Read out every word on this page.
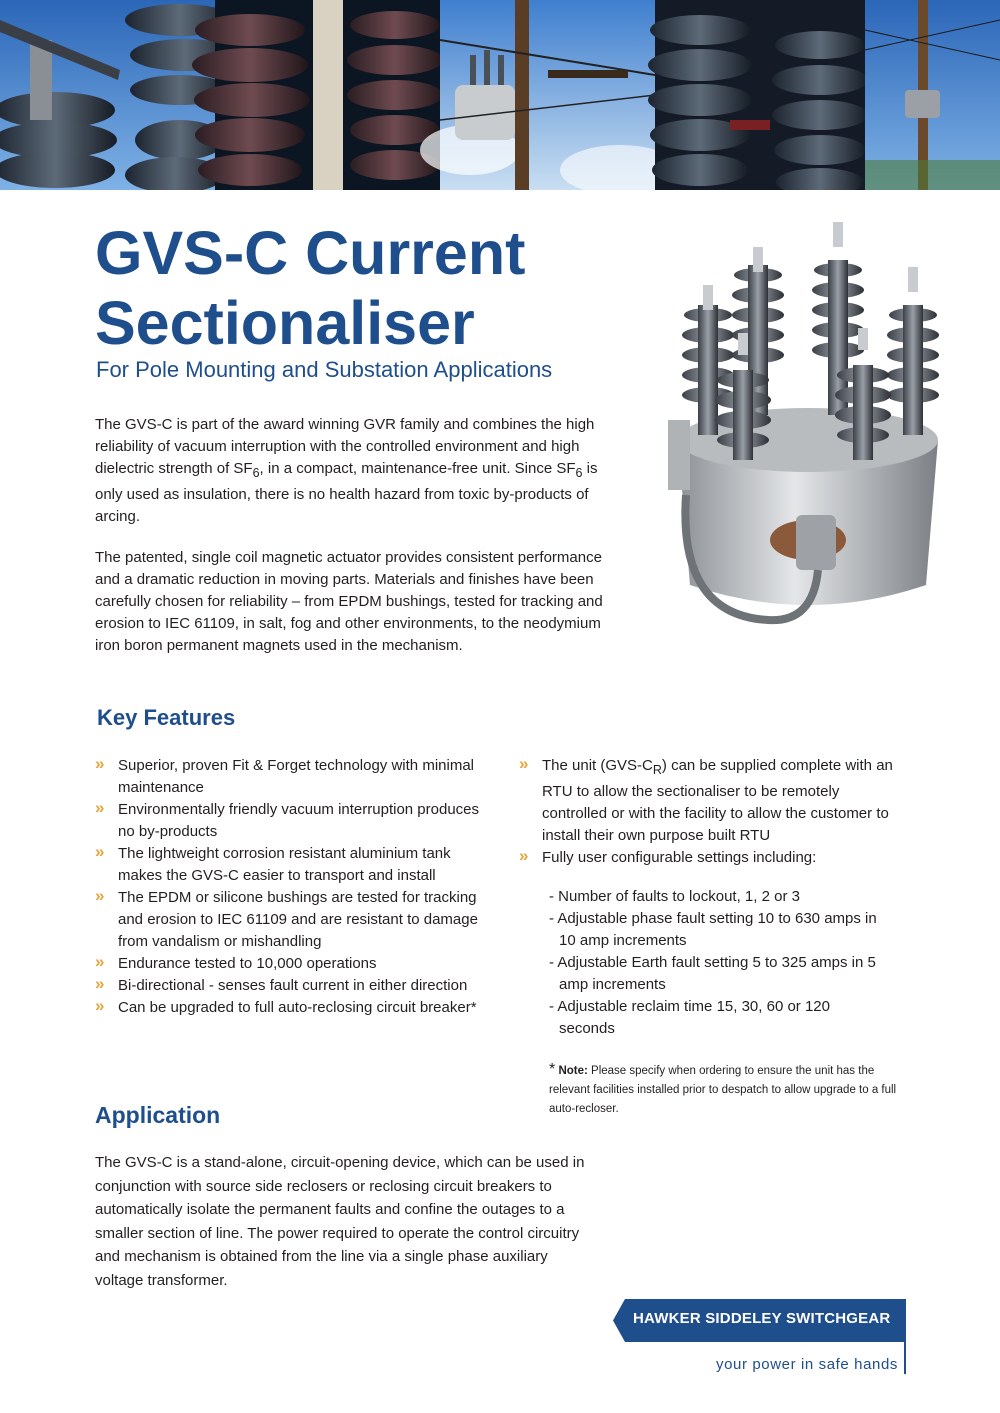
GVS-C Current
Sectionaliser

For Pole Mounting and Substation Applications

The GVS-C is part of the award winning GVR family and combines the high reliability of vacuum interruption with the controlled environment and high dielectric strength of $SF_6$, in a compact, maintenance-free unit. Since $SF_6$ is only used as insulation, there is no health hazard from toxic by-products of arcing.

The patented, single coil magnetic actuator provides consistent performance and a dramatic reduction in moving parts. Materials and finishes have been carefully chosen for reliability – from EPDM bushings, tested for tracking and erosion to IEC 61109, in salt, fog and other environments, to the neodymium iron boron permanent magnets used in the mechanism.

Key Features
» Superior, proven Fit & Forget technology with minimal maintenance
» Environmentally friendly vacuum interruption produces no by-products
» The lightweight corrosion resistant aluminium tank makes the GVS-C easier to transport and install
» The EPDM or silicone bushings are tested for tracking and erosion to IEC 61109 and are resistant to damage from vandalism or mishandling
» Endurance tested to 10,000 operations
» Bi-directional - senses fault current in either direction
» Can be upgraded to full auto-reclosing circuit breaker*
» The unit $(GVS-C_R)$ can be supplied complete with an RTU to allow the sectionaliser to be remotely controlled or with the facility to allow the customer to install their own purpose built RTU
» Fully user configurable settings including:
- Number of faults to lockout, 1, 2 or 3
- Adjustable phase fault setting 10 to 630 amps in 10 amp increments
- Adjustable Earth fault setting 5 to 325 amps in 5 amp increments
- Adjustable reclaim time 15, 30, 60 or 120 seconds

* Note: Please specify when ordering to ensure the unit has the relevant facilities installed prior to despatch to allow upgrade to a full auto-recloser.

Application

The GVS-C is a stand-alone, circuit-opening device, which can be used in conjunction with source side reclosers or reclosing circuit breakers to automatically isolate the permanent faults and confine the outages to a smaller section of line. The power required to operate the control circuitry and mechanism is obtained from the line via a single phase auxiliary voltage transformer.

HAWKER SIDDELEY SWITCHGEAR
your power in safe hands
